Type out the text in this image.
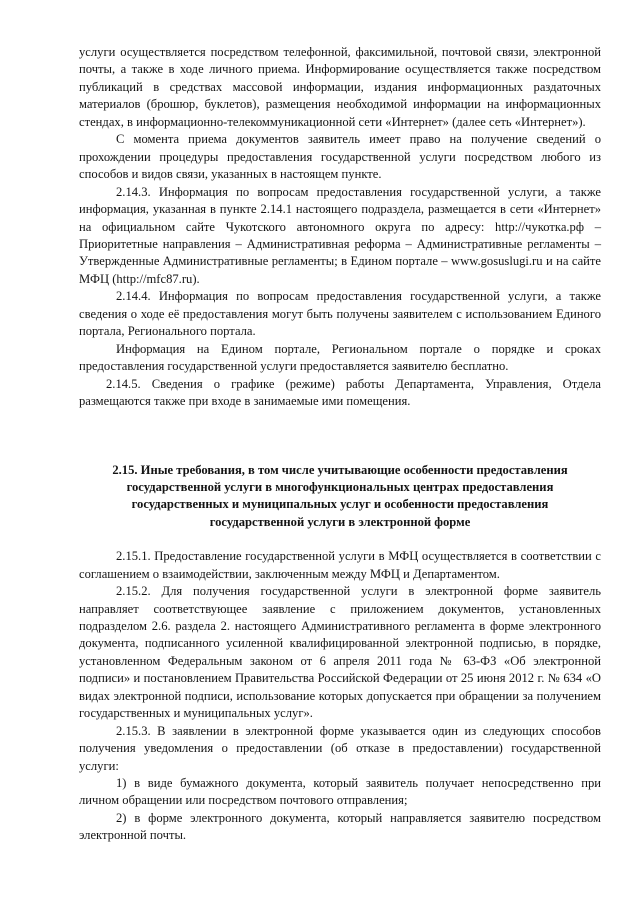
услуги осуществляется посредством телефонной, факсимильной, почтовой связи, электронной почты, а также в ходе личного приема. Информирование осуществляется также посредством публикаций в средствах массовой информации, издания информационных раздаточных материалов (брошюр, буклетов), размещения необходимой информации на информационных стендах, в информационно-телекоммуникационной сети «Интернет» (далее сеть «Интернет»).

С момента приема документов заявитель имеет право на получение сведений о прохождении процедуры предоставления государственной услуги посредством любого из способов и видов связи, указанных в настоящем пункте.

2.14.3. Информация по вопросам предоставления государственной услуги, а также информация, указанная в пункте 2.14.1 настоящего подраздела, размещается в сети «Интернет» на официальном сайте Чукотского автономного округа по адресу: http://чукотка.рф – Приоритетные направления – Административная реформа – Административные регламенты – Утвержденные Административные регламенты; в Едином портале – www.gosuslugi.ru и на сайте МФЦ (http://mfc87.ru).

2.14.4. Информация по вопросам предоставления государственной услуги, а также сведения о ходе её предоставления могут быть получены заявителем с использованием Единого портала, Регионального портала.

Информация на Едином портале, Региональном портале о порядке и сроках предоставления государственной услуги предоставляется заявителю бесплатно.

2.14.5. Сведения о графике (режиме) работы Департамента, Управления, Отдела размещаются также при входе в занимаемые ими помещения.

2.15. Иные требования, в том числе учитывающие особенности предоставления
государственной услуги в многофункциональных центрах предоставления
государственных и муниципальных услуг и особенности предоставления
государственной услуги в электронной форме

2.15.1. Предоставление государственной услуги в МФЦ осуществляется в соответствии с соглашением о взаимодействии, заключенным между МФЦ и Департаментом.

2.15.2. Для получения государственной услуги в электронной форме заявитель направляет соответствующее заявление с приложением документов, установленных подразделом 2.6. раздела 2. настоящего Административного регламента в форме электронного документа, подписанного усиленной квалифицированной электронной подписью, в порядке, установленном Федеральным законом от 6 апреля 2011 года № 63-ФЗ «Об электронной подписи» и постановлением Правительства Российской Федерации от 25 июня 2012 г. № 634 «О видах электронной подписи, использование которых допускается при обращении за получением государственных и муниципальных услуг».

2.15.3. В заявлении в электронной форме указывается один из следующих способов получения уведомления о предоставлении (об отказе в предоставлении) государственной услуги:

1) в виде бумажного документа, который заявитель получает непосредственно при личном обращении или посредством почтового отправления;

2) в форме электронного документа, который направляется заявителю посредством электронной почты.
